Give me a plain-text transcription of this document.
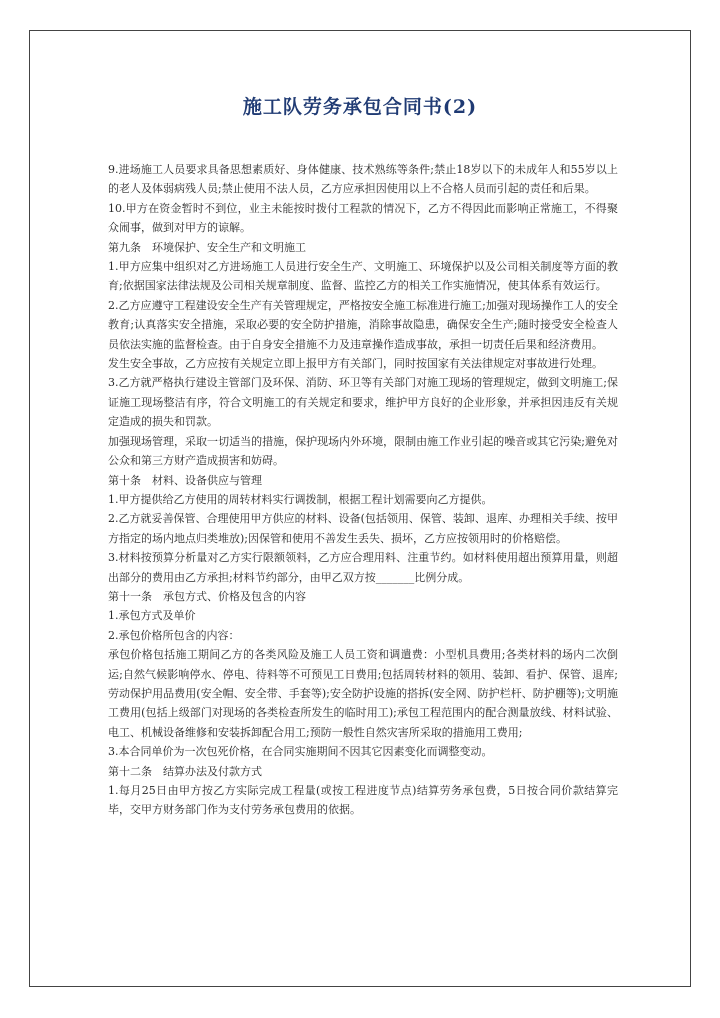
施工队劳务承包合同书(2)

9.进场施工人员要求具备思想素质好、身体健康、技术熟练等条件;禁止18岁以下的未成年人和55岁以上的老人及体弱病残人员;禁止使用不法人员，乙方应承担因使用以上不合格人员而引起的责任和后果。

10.甲方在资金暂时不到位，业主未能按时拨付工程款的情况下，乙方不得因此而影响正常施工，不得聚众闹事，做到对甲方的谅解。

第九条　环境保护、安全生产和文明施工

1.甲方应集中组织对乙方进场施工人员进行安全生产、文明施工、环境保护以及公司相关制度等方面的教育;依据国家法律法规及公司相关规章制度、监督、监控乙方的相关工作实施情况，使其体系有效运行。

2.乙方应遵守工程建设安全生产有关管理规定，严格按安全施工标准进行施工;加强对现场操作工人的安全教育;认真落实安全措施，采取必要的安全防护措施，消除事故隐患，确保安全生产;随时接受安全检查人员依法实施的监督检查。由于自身安全措施不力及违章操作造成事故，承担一切责任后果和经济费用。

发生安全事故，乙方应按有关规定立即上报甲方有关部门，同时按国家有关法律规定对事故进行处理。

3.乙方就严格执行建设主管部门及环保、消防、环卫等有关部门对施工现场的管理规定，做到文明施工;保证施工现场整洁有序，符合文明施工的有关规定和要求，维护甲方良好的企业形象，并承担因违反有关规定造成的损失和罚款。

加强现场管理，采取一切适当的措施，保护现场内外环境，限制由施工作业引起的噪音或其它污染;避免对公众和第三方财产造成损害和妨碍。

第十条　材料、设备供应与管理

1.甲方提供给乙方使用的周转材料实行调拨制，根据工程计划需要向乙方提供。

2.乙方就妥善保管、合理使用甲方供应的材料、设备(包括领用、保管、装卸、退库、办理相关手续、按甲方指定的场内地点归类堆放);因保管和使用不善发生丢失、损坏，乙方应按领用时的价格赔偿。

3.材料按预算分析量对乙方实行限额领料，乙方应合理用料、注重节约。如材料使用超出预算用量，则超出部分的费用由乙方承担;材料节约部分，由甲乙双方按_______比例分成。

第十一条　承包方式、价格及包含的内容

1.承包方式及单价

2.承包价格所包含的内容：

承包价格包括施工期间乙方的各类风险及施工人员工资和调遣费：小型机具费用;各类材料的场内二次倒运;自然气候影响停水、停电、待料等不可预见工日费用;包括周转材料的领用、装卸、看护、保管、退库;劳动保护用品费用(安全帽、安全带、手套等);安全防护设施的搭拆(安全网、防护栏杆、防护棚等);文明施工费用(包括上级部门对现场的各类检查所发生的临时用工);承包工程范围内的配合测量放线、材料试验、电工、机械设备维修和安装拆卸配合用工;预防一般性自然灾害所采取的措施用工费用;

3.本合同单价为一次包死价格，在合同实施期间不因其它因素变化而调整变动。

第十二条　结算办法及付款方式

1.每月25日由甲方按乙方实际完成工程量(或按工程进度节点)结算劳务承包费，5日按合同价款结算完毕，交甲方财务部门作为支付劳务承包费用的依据。
